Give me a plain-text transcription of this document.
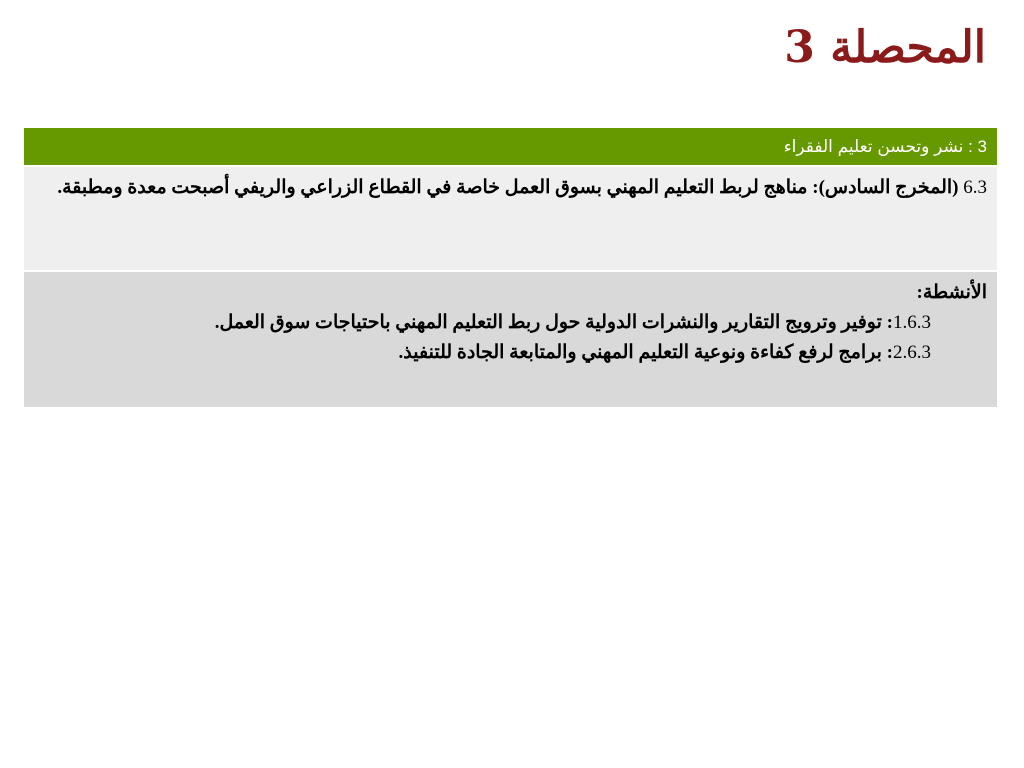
المحصلة 3
3 : نشر وتحسن تعليم الفقراء
6.3 (المخرج السادس): مناهج لربط التعليم المهني بسوق العمل خاصة في القطاع الزراعي والريفي أصبحت معدة ومطبقة.
الأنشطة:
1.6.3: توفير وترويج التقارير والنشرات الدولية حول ربط التعليم المهني باحتياجات سوق العمل.
2.6.3: برامج لرفع كفاءة ونوعية التعليم المهني والمتابعة الجادة للتنفيذ.
